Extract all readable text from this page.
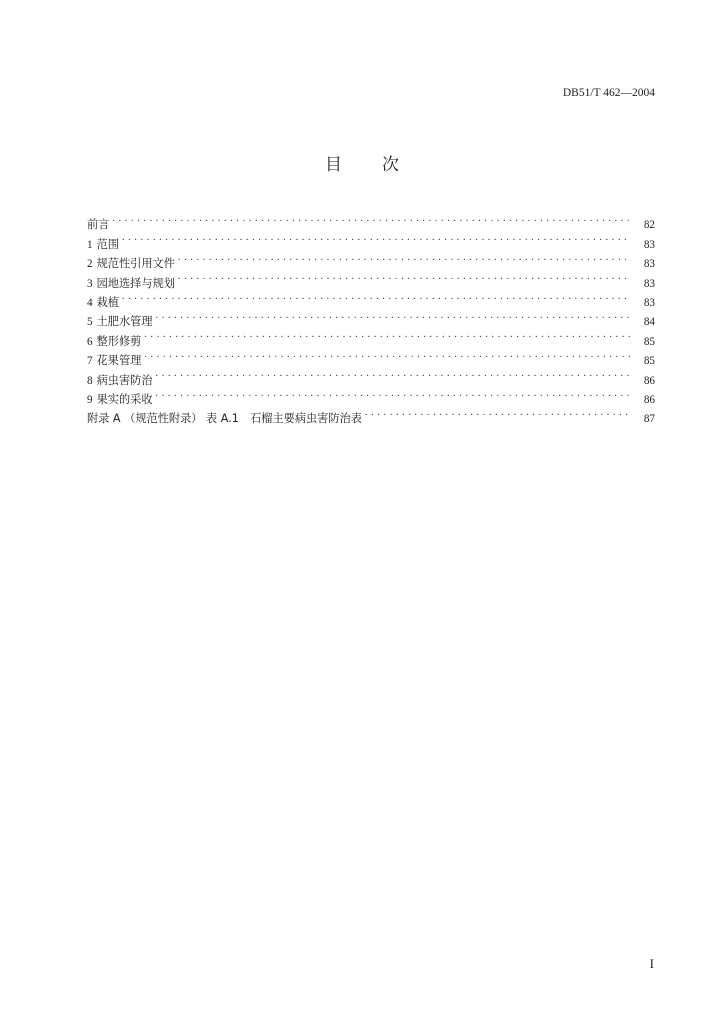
DB51/T 462—2004
目 次
前言 . . .	82
1 范围 . . .	83
2 规范性引用文件 . . .	83
3 园地选择与规划 . . .	83
4 栽植 . . .	83
5 土肥水管理 . . .	84
6 整形修剪 . . .	85
7 花果管理 . . .	85
8 病虫害防治 . . .	86
9 果实的采收 . . .	86
附录 A （规范性附录） 表 A.1　石榴主要病虫害防治表 . . .	87
I
